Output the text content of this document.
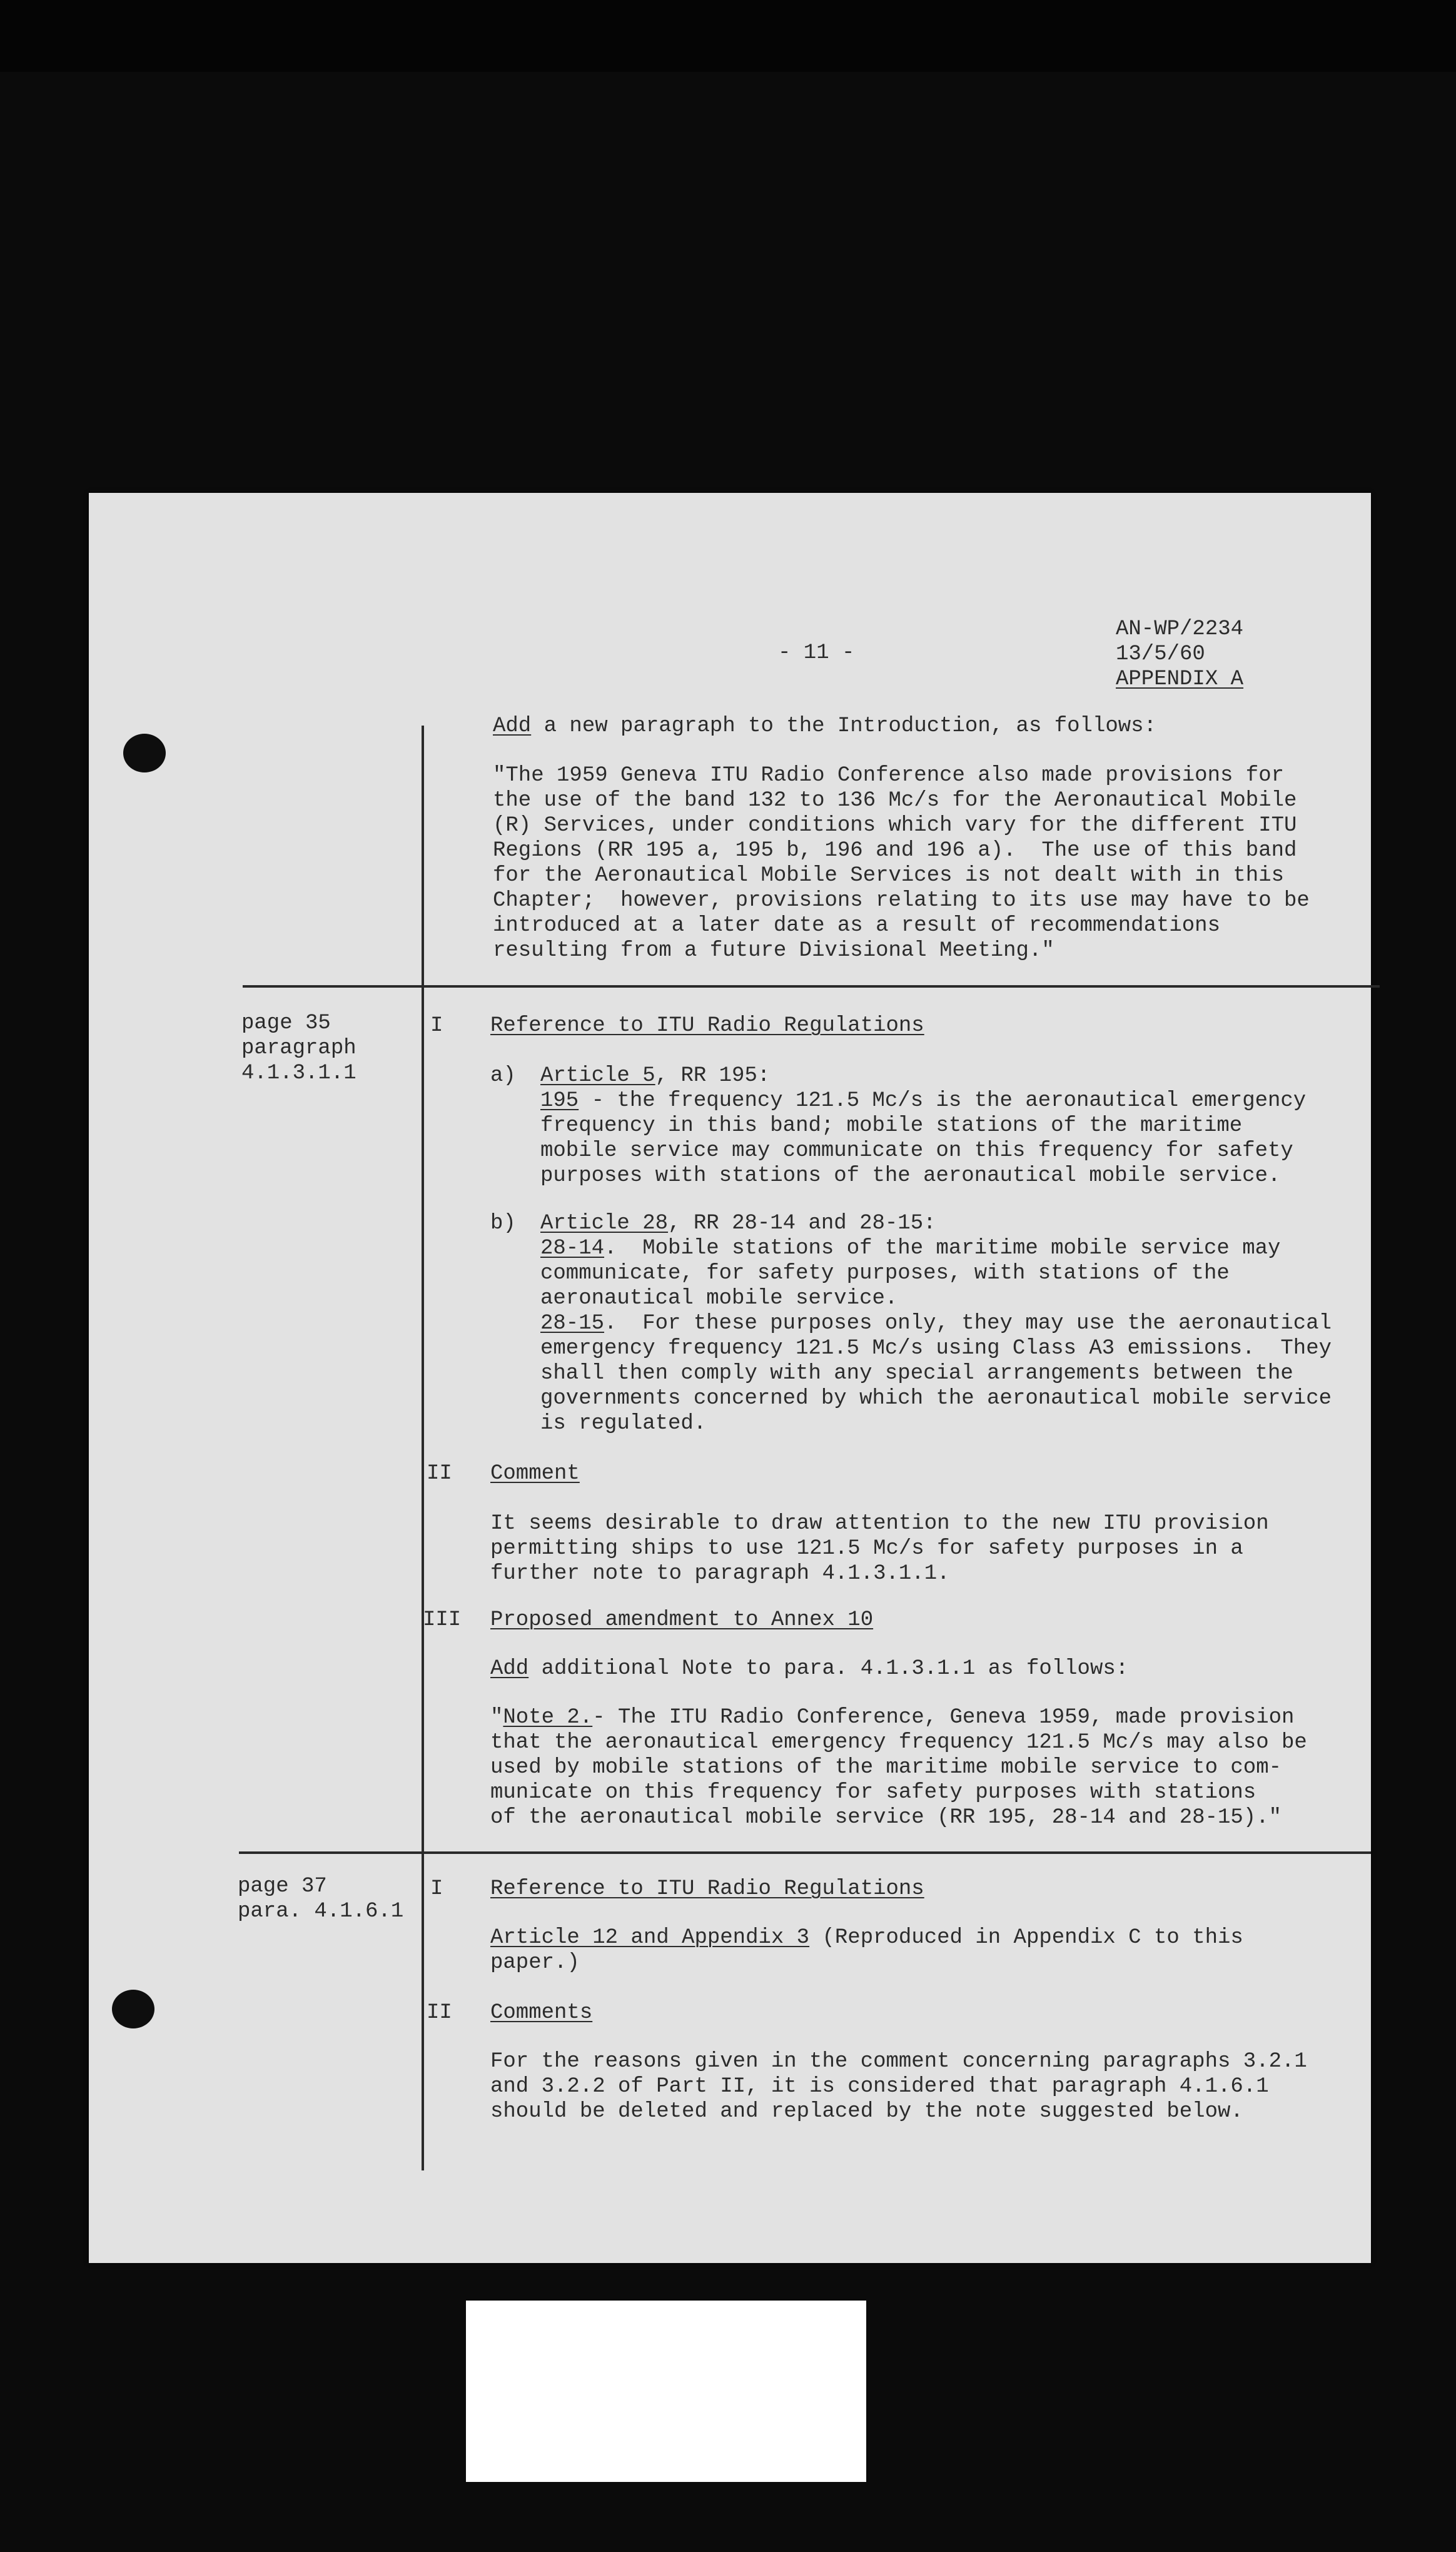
- 11 -

AN-WP/2234

13/5/60

APPENDIX A

Add a new paragraph to the Introduction, as follows:

"The 1959 Geneva ITU Radio Conference also made provisions for

the use of the band 132 to 136 Mc/s for the Aeronautical Mobile

(R) Services, under conditions which vary for the different ITU

Regions (RR 195 a, 195 b, 196 and 196 a).  The use of this band

for the Aeronautical Mobile Services is not dealt with in this

Chapter;  however, provisions relating to its use may have to be

introduced at a later date as a result of recommendations

resulting from a future Divisional Meeting."

page 35

paragraph

4.1.3.1.1

I Reference to ITU Radio Regulations

a) Article 5, RR 195:

195 - the frequency 121.5 Mc/s is the aeronautical emergency

frequency in this band; mobile stations of the maritime

mobile service may communicate on this frequency for safety

purposes with stations of the aeronautical mobile service.

b) Article 28, RR 28-14 and 28-15:

28-14.  Mobile stations of the maritime mobile service may

communicate, for safety purposes, with stations of the

aeronautical mobile service.

28-15.  For these purposes only, they may use the aeronautical

emergency frequency 121.5 Mc/s using Class A3 emissions.  They

shall then comply with any special arrangements between the

governments concerned by which the aeronautical mobile service

is regulated.

II Comment

It seems desirable to draw attention to the new ITU provision

permitting ships to use 121.5 Mc/s for safety purposes in a

further note to paragraph 4.1.3.1.1.

III Proposed amendment to Annex 10

Add additional Note to para. 4.1.3.1.1 as follows:

"Note 2.- The ITU Radio Conference, Geneva 1959, made provision

that the aeronautical emergency frequency 121.5 Mc/s may also be

used by mobile stations of the maritime mobile service to com-

municate on this frequency for safety purposes with stations

of the aeronautical mobile service (RR 195, 28-14 and 28-15)."

page 37

para. 4.1.6.1

I Reference to ITU Radio Regulations

Article 12 and Appendix 3 (Reproduced in Appendix C to this

paper.)

II Comments

For the reasons given in the comment concerning paragraphs 3.2.1

and 3.2.2 of Part II, it is considered that paragraph 4.1.6.1

should be deleted and replaced by the note suggested below.
